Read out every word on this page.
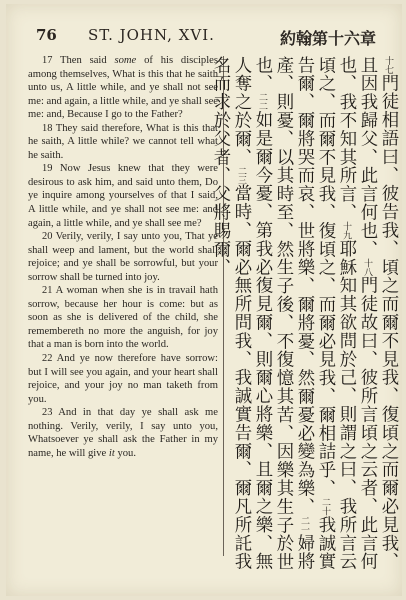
76 ST. JOHN, XVI.	約翰第十六章

17 Then said some of his disciples among themselves, What is this that he saith unto us, A little while, and ye shall not see me: and again, a little while, and ye shall see me: and, Because I go to the Father?

18 They said therefore, What is this that he saith, A little while? we cannot tell what he saith.

19 Now Jesus knew that they were desirous to ask him, and said unto them, Do ye inquire among yourselves of that I said, A little while, and ye shall not see me: and again, a little while, and ye shall see me?

20 Verily, verily, I say unto you, That ye shall weep and lament, but the world shall rejoice; and ye shall be sorrowful, but your sorrow shall be turned into joy.

21 A woman when she is in travail hath sorrow, because her hour is come: but as soon as she is delivered of the child, she remembereth no more the anguish, for joy that a man is born into the world.

22 And ye now therefore have sorrow: but I will see you again, and your heart shall rejoice, and your joy no man taketh from you.

23 And in that day ye shall ask me nothing. Verily, verily, I say unto you, Whatsoever ye shall ask the Father in my name, he will give it you.

十七門徒相語曰、彼告我、頃之而爾不見我、復頃之而爾必見我、且因我歸父、此言何也、十八門徒故曰、彼所言頃之云者、此言何也、我不知其所言、十九耶穌知其欲問於己、則謂之曰、我所言云頃之、而爾不見我、復頃之、而爾必見我、爾相詰乎、二十我誠實告爾、爾將哭而哀、世將樂、爾將憂、然爾憂必變為樂、二一婦將產、則憂、以其時至、然生子後、不復憶其苦、因樂其生子於世也、二二如是爾今憂、第我必復見爾、則爾心將樂、且爾之樂、無人奪之於爾、二三當時、爾必無所問我、我誠實告爾、爾凡所託我名而求於父者、父將賜爾、
